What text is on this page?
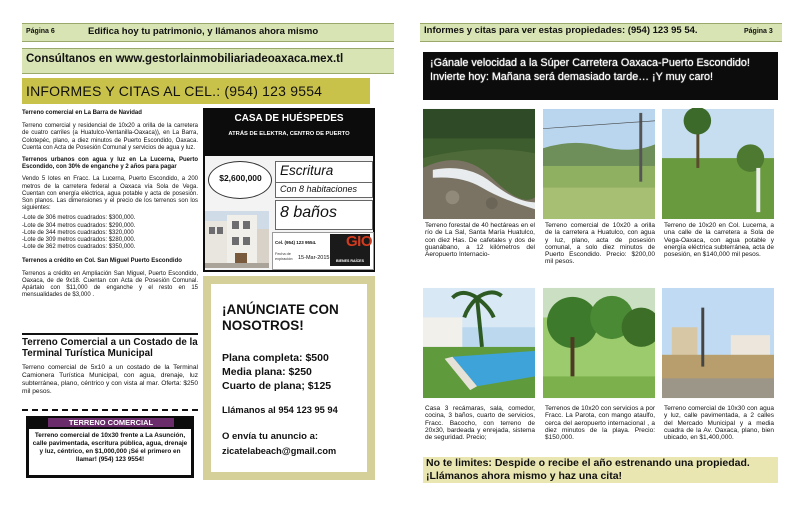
Página 6	Edifica hoy tu patrimonio, y llámanos ahora mismo
Consúltanos en www.gestorlainmobiliariadeoaxaca.mex.tl
INFORMES Y CITAS AL CEL.: (954) 123 9554
Terreno comercial en La Barra de Navidad
Terreno comercial y residencial de 10x20 a orilla de la carretera de cuatro carriles (a Huatulco-Ventanilla-Oaxaca)), en La Barra, Colotepéc, plano, a diez minutos de Puerto Escondido, Oaxaca. Cuenta con Acta de Posesión Comunal y servicios de agua y luz.
Terrenos urbanos con agua y luz en La Lucerna, Puerto Escondido, con 30% de enganche y 2 años para pagar
Vendo 5 lotes en Fracc. La Lucerna, Puerto Escondido, a 200 metros de la carretera federal a Oaxaca vía Sola de Vega. Cuentan con energía eléctrica, agua potable y acta de posesión. Son planos. Las dimensiones y el precio de los terrenos son los siguientes:
-Lote de 306 metros cuadrados: $300,000.
-Lote de 304 metros cuadrados: $290,000.
-Lote de 344 metros cuadrados: $320,000
-Lote de 309 metros cuadrados: $280,000.
-Lote de 362 metros cuadrados: $350,000.
Terrenos a crédito en Col. San Miguel Puerto Escondido
Terrenos a crédito en Ampliación San Miguel, Puerto Escondido, Oaxaca, de de 9x18. Cuentan con Acta de Posesión Comunal. Apártalo con $11,000 de enganche y el resto en 15 mensualidades de $3,000 .
Terreno Comercial a un Costado de la Terminal Turística Municipal
Terreno comercial de 5x10 a un costado de la Terminal Camionera Turística Municipal, con agua, drenaje, luz subterránea, plano, céntrico y con vista al mar. Oferta: $250 mil pesos.
TERRENO COMERCIAL
Terreno comercial de 10x30 frente a La Asunción, calle pavimentada, escritura pública, agua, drenaje y luz, céntrico, en $1,000,000 ¡Sé el primero en llamar! (954) 123 9554!
CASA DE HUÉSPEDES
ATRÁS DE ELEKTRA, CENTRO DE PUERTO
$2,600,000	Escritura
Con 8 habitaciones
8 baños
Cel. (954) 123 9554.
Fecha de expiración: 15-Mar-2015
GIO
BIENES RAÍCES
¡ANÚNCIATE CON NOSOTROS!
Plana completa: $500
Media plana: $250
Cuarto de plana; $125
Llámanos al 954 123 95 94
O envía tu anuncio a:
zicatelabeach@gmail.com
Informes y citas para ver estas propiedades: (954) 123 95 54.	Página 3
¡Gánale velocidad a la Súper Carretera Oaxaca-Puerto Escondido!
Invierte hoy: Mañana será demasiado tarde… ¡Y muy caro!
Terreno forestal de 40 hectáreas en el río de La Sal, Santa María Huatulco, con diez Has. De cafetales y dos de guanábano, a 12 kilómetros del Aeropuerto Internacio-
Terreno comercial de 10x20 a orilla de la carretera a Huatulco, con agua y luz, plano, acta de posesión comunal, a solo diez minutos de Puerto Escondido. Precio: $200,00 mil pesos.
Terreno de 10x20 en Col. Lucerna, a una calle de la carretera a Sola de Vega-Oaxaca, con agua potable y energía eléctrica subterránea, acta de posesión, en $140,000 mil pesos.
Casa 3 recámaras, sala, comedor, cocina, 3 baños, cuarto de servicios, Fracc. Bacocho, con terreno de 20x30, bardeada y enrejada, sistema de seguridad. Precio;
Terrenos de 10x20 con servicios a por Fracc. La Parota, con mango ataulfo, cerca del aeropuerto internacional , a diez minutos de la playa. Precio: $150,000.
Terreno comercial de 10x30 con agua y luz, calle pavimentada, a 2 calles del Mercado Municipal y a media cuadra de la Av. Oaxaca, plano, bien ubicado, en $1,400,000.
No te limites: Despide o recibe el año estrenando una propiedad. ¡Llámanos ahora mismo y haz una cita!
